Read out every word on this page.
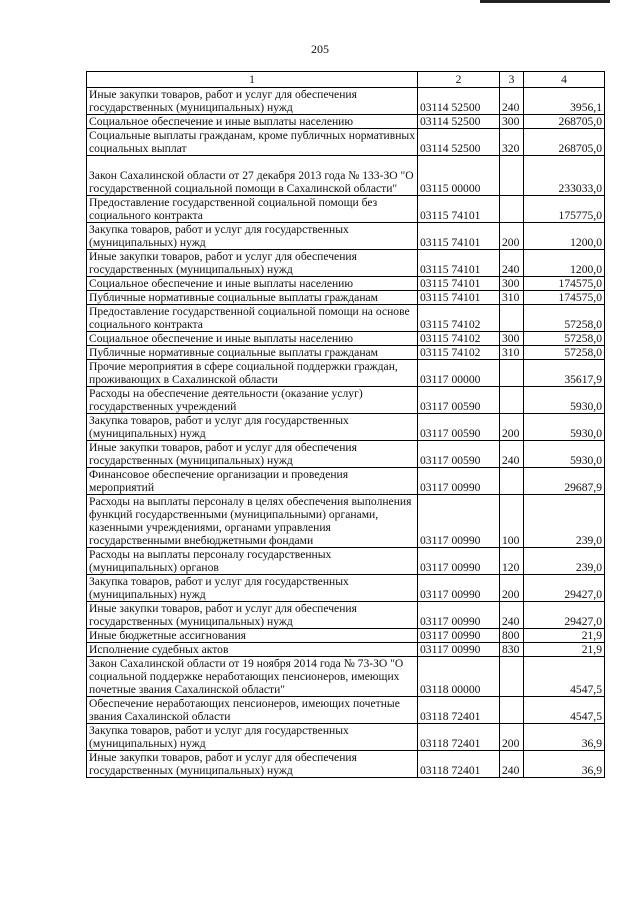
205
1	2	3	4
Иные закупки товаров, работ и услуг для обеспечения государственных (муниципальных) нужд	03114 52500	240	3956,1
Социальное обеспечение и иные выплаты населению	03114 52500	300	268705,0
Социальные выплаты гражданам, кроме публичных нормативных социальных выплат	03114 52500	320	268705,0
Закон Сахалинской области от 27 декабря 2013 года № 133-ЗО "О государственной социальной помощи в Сахалинской области"	03115 00000		233033,0
Предоставление государственной социальной помощи без социального контракта	03115 74101		175775,0
Закупка товаров, работ и услуг для государственных (муниципальных) нужд	03115 74101	200	1200,0
Иные закупки товаров, работ и услуг для обеспечения государственных (муниципальных) нужд	03115 74101	240	1200,0
Социальное обеспечение и иные выплаты населению	03115 74101	300	174575,0
Публичные нормативные социальные выплаты гражданам	03115 74101	310	174575,0
Предоставление государственной социальной помощи на основе социального контракта	03115 74102		57258,0
Социальное обеспечение и иные выплаты населению	03115 74102	300	57258,0
Публичные нормативные социальные выплаты гражданам	03115 74102	310	57258,0
Прочие мероприятия в сфере социальной поддержки граждан, проживающих в Сахалинской области	03117 00000		35617,9
Расходы на обеспечение деятельности (оказание услуг) государственных учреждений	03117 00590		5930,0
Закупка товаров, работ и услуг для государственных (муниципальных) нужд	03117 00590	200	5930,0
Иные закупки товаров, работ и услуг для обеспечения государственных (муниципальных) нужд	03117 00590	240	5930,0
Финансовое обеспечение организации и проведения мероприятий	03117 00990		29687,9
Расходы на выплаты персоналу в целях обеспечения выполнения функций государственными (муниципальными) органами, казенными учреждениями, органами управления государственными внебюджетными фондами	03117 00990	100	239,0
Расходы на выплаты персоналу государственных (муниципальных) органов	03117 00990	120	239,0
Закупка товаров, работ и услуг для государственных (муниципальных) нужд	03117 00990	200	29427,0
Иные закупки товаров, работ и услуг для обеспечения государственных (муниципальных) нужд	03117 00990	240	29427,0
Иные бюджетные ассигнования	03117 00990	800	21,9
Исполнение судебных актов	03117 00990	830	21,9
Закон Сахалинской области от 19 ноября 2014 года № 73-ЗО "О социальной поддержке неработающих пенсионеров, имеющих почетные звания Сахалинской области"	03118 00000		4547,5
Обеспечение неработающих пенсионеров, имеющих почетные звания Сахалинской области	03118 72401		4547,5
Закупка товаров, работ и услуг для государственных (муниципальных) нужд	03118 72401	200	36,9
Иные закупки товаров, работ и услуг для обеспечения государственных (муниципальных) нужд	03118 72401	240	36,9
